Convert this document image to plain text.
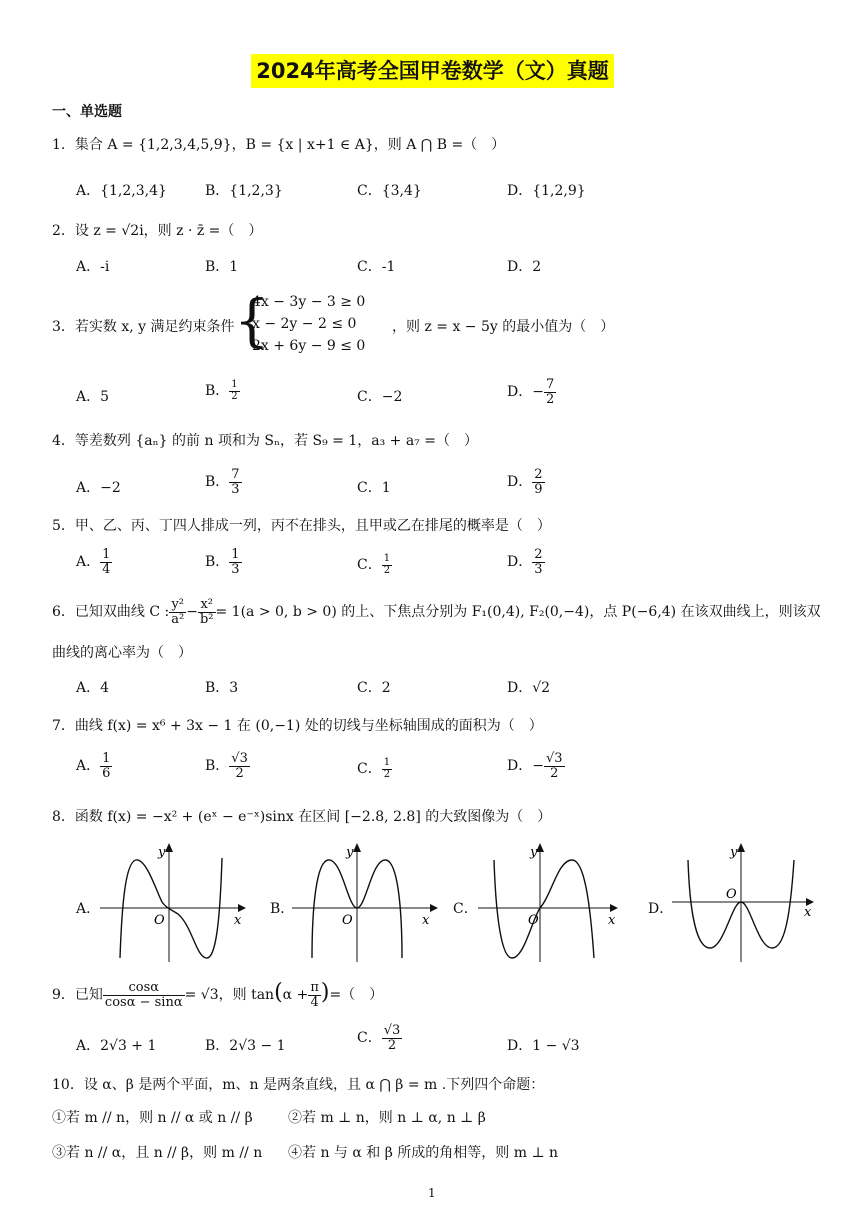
2024年高考全国甲卷数学（文）真题
一、单选题
1．集合 A = {1,2,3,4,5,9}，B = {x | x+1 ∈ A}，则 A ⋂ B =（　）
A．{1,2,3,4}	B．{1,2,3}	C．{3,4}	D．{1,2,9}
2．设 z = √2i，则 z · z̄ =（　）
A．-i	B．1	C．-1	D．2
3．若实数 x, y 满足约束条件 {
4x − 3y − 3 ≥ 0
x − 2y − 2 ≤ 0
2x + 6y − 9 ≤ 0
，则 z = x − 5y 的最小值为（　）
A．5	B． $\frac{1}{2}$	C．−2	D．− $\frac{7}{2}$
4．等差数列 {aₙ} 的前 n 项和为 Sₙ，若 S₉ = 1，a₃ + a₇ =（　）
A．−2	B． $\frac{7}{3}$	C．1	D． $\frac{2}{9}$
5．甲、乙、丙、丁四人排成一列，丙不在排头，且甲或乙在排尾的概率是（　）
A． $\frac{1}{4}$	B． $\frac{1}{3}$	C． $\frac{1}{2}$	D． $\frac{2}{3}$
6．已知双曲线 C : $\frac{\text{y²}}{\text{a²}} - \frac{\text{x²}}{\text{b²}} = 1(a > 0$, b > 0) 的上、下焦点分别为 F₁(0,4), F₂(0,−4)，点 P(−6,4) 在该双曲线上，则该双
曲线的离心率为（　）
A．4	B．3	C．2	D．√2
7．曲线 f(x) = x⁶ + 3x − 1 在 (0,−1) 处的切线与坐标轴围成的面积为（　）
A． $\frac{1}{6}$	B． $\frac{√3}{2}$	C． $\frac{1}{2}$	D．− $\frac{√3}{2}$
8．函数 f(x) = −x² + (eˣ − e⁻ˣ)sinx 在区间 [−2.8, 2.8] 的大致图像为（　）
A．
y
x
O
B．
y
x
O
C．
y
x
O
D．
y
x
O
9．已知 $\frac{\cos\alpha}{\cos\alpha - \sin\alpha} = √3$，则 $\tan(\alpha + \frac{\pi}{4}$ )=（　）
A．2√3 + 1	B．2√3 − 1	C． $\frac{√3}{2}$	D．1 − √3
10．设 α、β 是两个平面，m、n 是两条直线，且 α ⋂ β = m .下列四个命题：
①若 m // n，则 n // α 或 n // β	②若 m ⊥ n，则 n ⊥ α, n ⊥ β
③若 n // α，且 n // β，则 m // n ④若 n 与 α 和 β 所成的角相等，则 m ⊥ n
1
